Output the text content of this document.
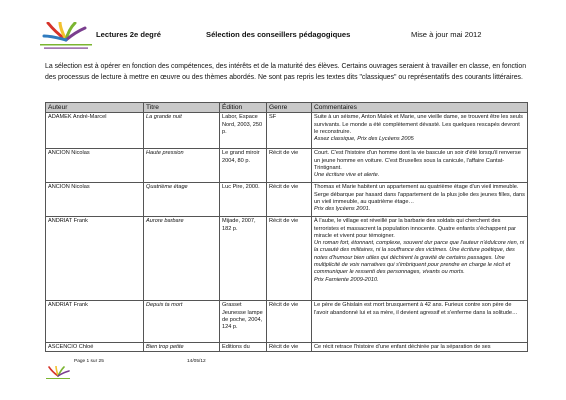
Lectures 2e degré	Sélection des conseillers pédagogiques	Mise à jour mai 2012
La sélection est à opérer en fonction des compétences, des intérêts et de la maturité des élèves. Certains ouvrages seraient à travailler en classe, en fonction des processus de lecture à mettre en œuvre ou des thèmes abordés. Ne sont pas repris les textes dits "classiques" ou représentatifs des courants littéraires.
Auteur	Titre	Édition	Genre	Commentaires
ADAMEK André-Marcel	La grande nuit	Labor, Espace Nord, 2003, 250 p.	SF	Suite à un séisme, Anton Malek et Marie, une vieille dame, se trouvent être les seuls survivants. Le monde a été complètement dévasté. Les quelques rescapés devront le reconstruire.
Assez classique, Prix des Lycéens 2005

ANCION Nicolas	Haute pression	Le grand miroir 2004, 80 p.	Récit de vie	Court. C'est l'histoire d'un homme dont la vie bascule un soir d'été lorsqu'il renverse un jeune homme en voiture. C'est Bruxelles sous la canicule, l'affaire Cantat-Trintignant.
Une écriture vive et alerte.

ANCION Nicolas	Quatrième étage	Luc Pire, 2000.	Récit de vie	Thomas et Marie habitent un appartement au quatrième étage d'un vieil immeuble. Serge débarque par hasard dans l'appartement de la plus jolie des jeunes filles, dans un vieil immeuble, au quatrième étage…
Prix des lycéens 2001.

ANDRIAT Frank	Aurore barbare	Mijade, 2007, 182 p.	Récit de vie	À l'aube, le village est réveillé par la barbarie des soldats qui cherchent des terroristes et massacrent la population innocente. Quatre enfants s'échappent par miracle et vivent pour témoigner.
Un roman fort, étonnant, complexe, souvent dur parce que l'auteur n'édulcore rien, ni la cruauté des militaires, ni la souffrance des victimes. Une écriture poétique, des notes d'humour bien utiles qui déchirent la gravité de certains passages. Une multiplicité de voix narratives qui s'imbriquent pour prendre en charge le récit et communiquer le ressenti des personnages, vivants ou morts.
Prix Farniente 2009-2010.

ANDRIAT Frank	Depuis ta mort	Grasset Jeunesse lampe de poche, 2004, 124 p.	Récit de vie	Le père de Ghislain est mort brusquement à 42 ans. Furieux contre son père de l'avoir abandonné lui et sa mère, il devient agressif et s'enferme dans la solitude…

ASCENCIO Chloé	Bien trop petite	Éditions du	Récit de vie	Ce récit retrace l'histoire d'une enfant déchirée par la séparation de ses
Page 1 sur 25	14/05/12
